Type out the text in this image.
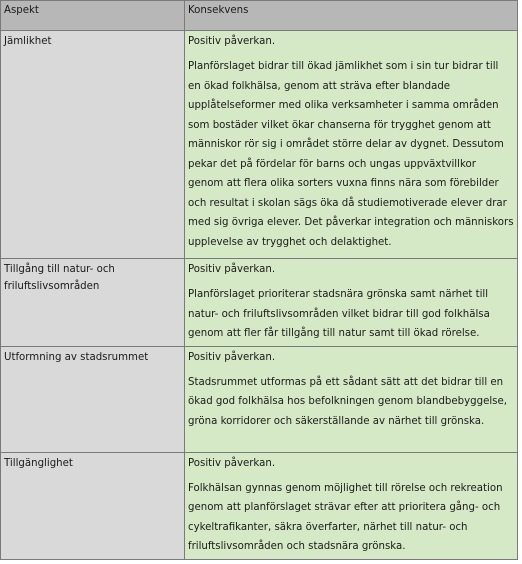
Aspekt	Konsekvens
Jämlikhet	Positiv påverkan.

Planförslaget bidrar till ökad jämlikhet som i sin tur bidrar till en ökad folkhälsa, genom att sträva efter blandade upplåtelseformer med olika verksamheter i samma områden som bostäder vilket ökar chanserna för trygghet genom att människor rör sig i området större delar av dygnet. Dessutom pekar det på fördelar för barns och ungas uppväxtvillkor genom att flera olika sorters vuxna finns nära som förebilder och resultat i skolan sägs öka då studiemotiverade elever drar med sig övriga elever. Det påverkar integration och människors upplevelse av trygghet och delaktighet.

Tillgång till natur- och friluftslivsområden	Positiv påverkan.

Planförslaget prioriterar stadsnära grönska samt närhet till natur- och friluftslivsområden vilket bidrar till god folkhälsa genom att fler får tillgång till natur samt till ökad rörelse.

Utformning av stadsrummet	Positiv påverkan.

Stadsrummet utformas på ett sådant sätt att det bidrar till en ökad god folkhälsa hos befolkningen genom blandbebyggelse, gröna korridorer och säkerställande av närhet till grönska.

Tillgänglighet	Positiv påverkan.

Folkhälsan gynnas genom möjlighet till rörelse och rekreation genom att planförslaget strävar efter att prioritera gång- och cykeltrafikanter, säkra överfarter, närhet till natur- och friluftslivsområden och stadsnära grönska.
